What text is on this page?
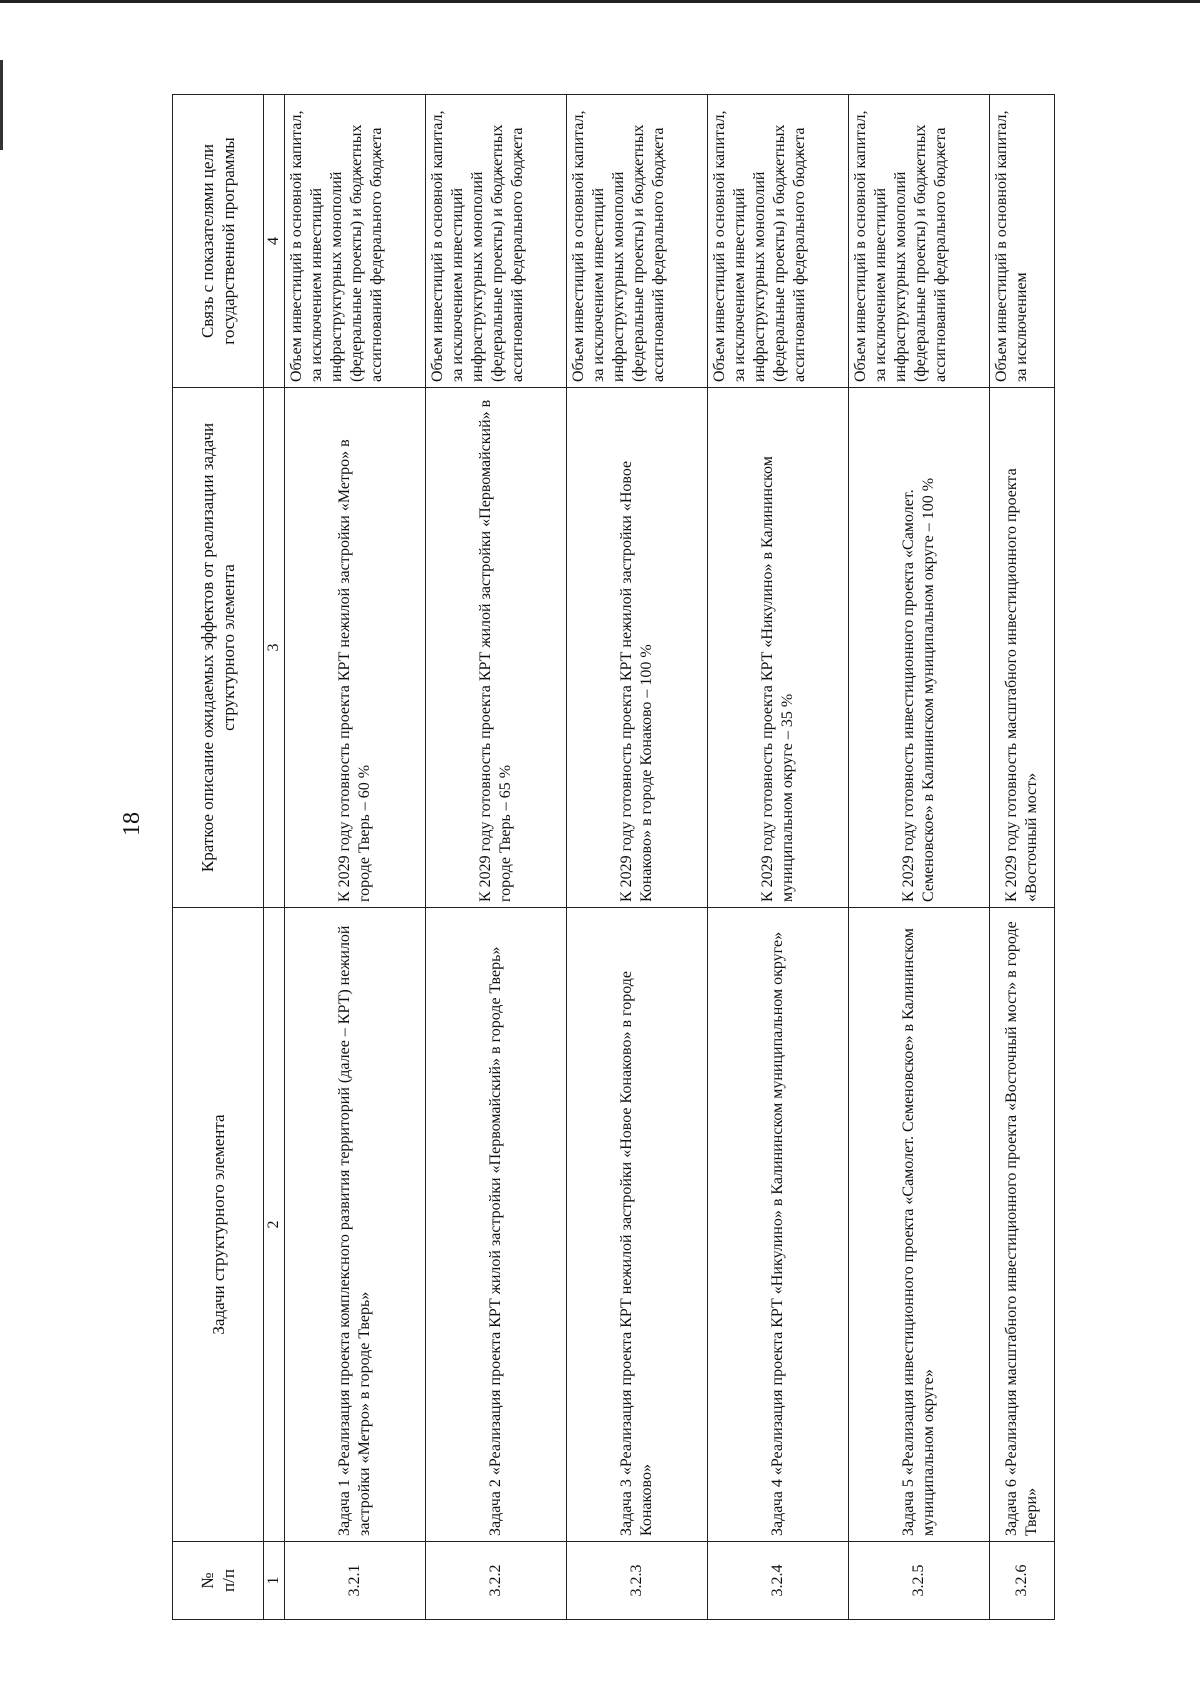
18
№
п/п	Задачи структурного элемента	Краткое описание ожидаемых эффектов от реализации задачи структурного элемента	Связь с показателями цели государственной программы
1	2	3	4
3.2.1	Задача 1 «Реализация проекта комплексного развития территорий (далее – КРТ) нежилой застройки «Метро» в городе Тверь»	К 2029 году готовность проекта КРТ нежилой застройки «Метро» в городе Тверь – 60 %	Объем инвестиций в основной капитал, за исключением инвестиций инфраструктурных монополий (федеральные проекты) и бюджетных ассигнований федерального бюджета
3.2.2	Задача 2 «Реализация проекта КРТ жилой застройки «Первомайский» в городе Тверь»	К 2029 году готовность проекта КРТ жилой застройки «Первомайский» в городе Тверь – 65 %	Объем инвестиций в основной капитал, за исключением инвестиций инфраструктурных монополий (федеральные проекты) и бюджетных ассигнований федерального бюджета
3.2.3	Задача 3 «Реализация проекта КРТ нежилой застройки «Новое Конаково» в городе Конаково»	К 2029 году готовность проекта КРТ нежилой застройки «Новое Конаково» в городе Конаково – 100 %	Объем инвестиций в основной капитал, за исключением инвестиций инфраструктурных монополий (федеральные проекты) и бюджетных ассигнований федерального бюджета
3.2.4	Задача 4 «Реализация проекта КРТ «Никулино» в Калининском муниципальном округе»	К 2029 году готовность проекта КРТ «Никулино» в Калининском муниципальном округе – 35 %	Объем инвестиций в основной капитал, за исключением инвестиций инфраструктурных монополий (федеральные проекты) и бюджетных ассигнований федерального бюджета
3.2.5	Задача 5 «Реализация инвестиционного проекта «Самолет. Семеновское» в Калининском муниципальном округе»	К 2029 году готовность инвестиционного проекта «Самолет. Семеновское» в Калининском муниципальном округе – 100 %	Объем инвестиций в основной капитал, за исключением инвестиций инфраструктурных монополий (федеральные проекты) и бюджетных ассигнований федерального бюджета
3.2.6	Задача 6 «Реализация масштабного инвестиционного проекта «Восточный мост» в городе Твери»	К 2029 году готовность масштабного инвестиционного проекта «Восточный мост»	Объем инвестиций в основной капитал, за исключением
